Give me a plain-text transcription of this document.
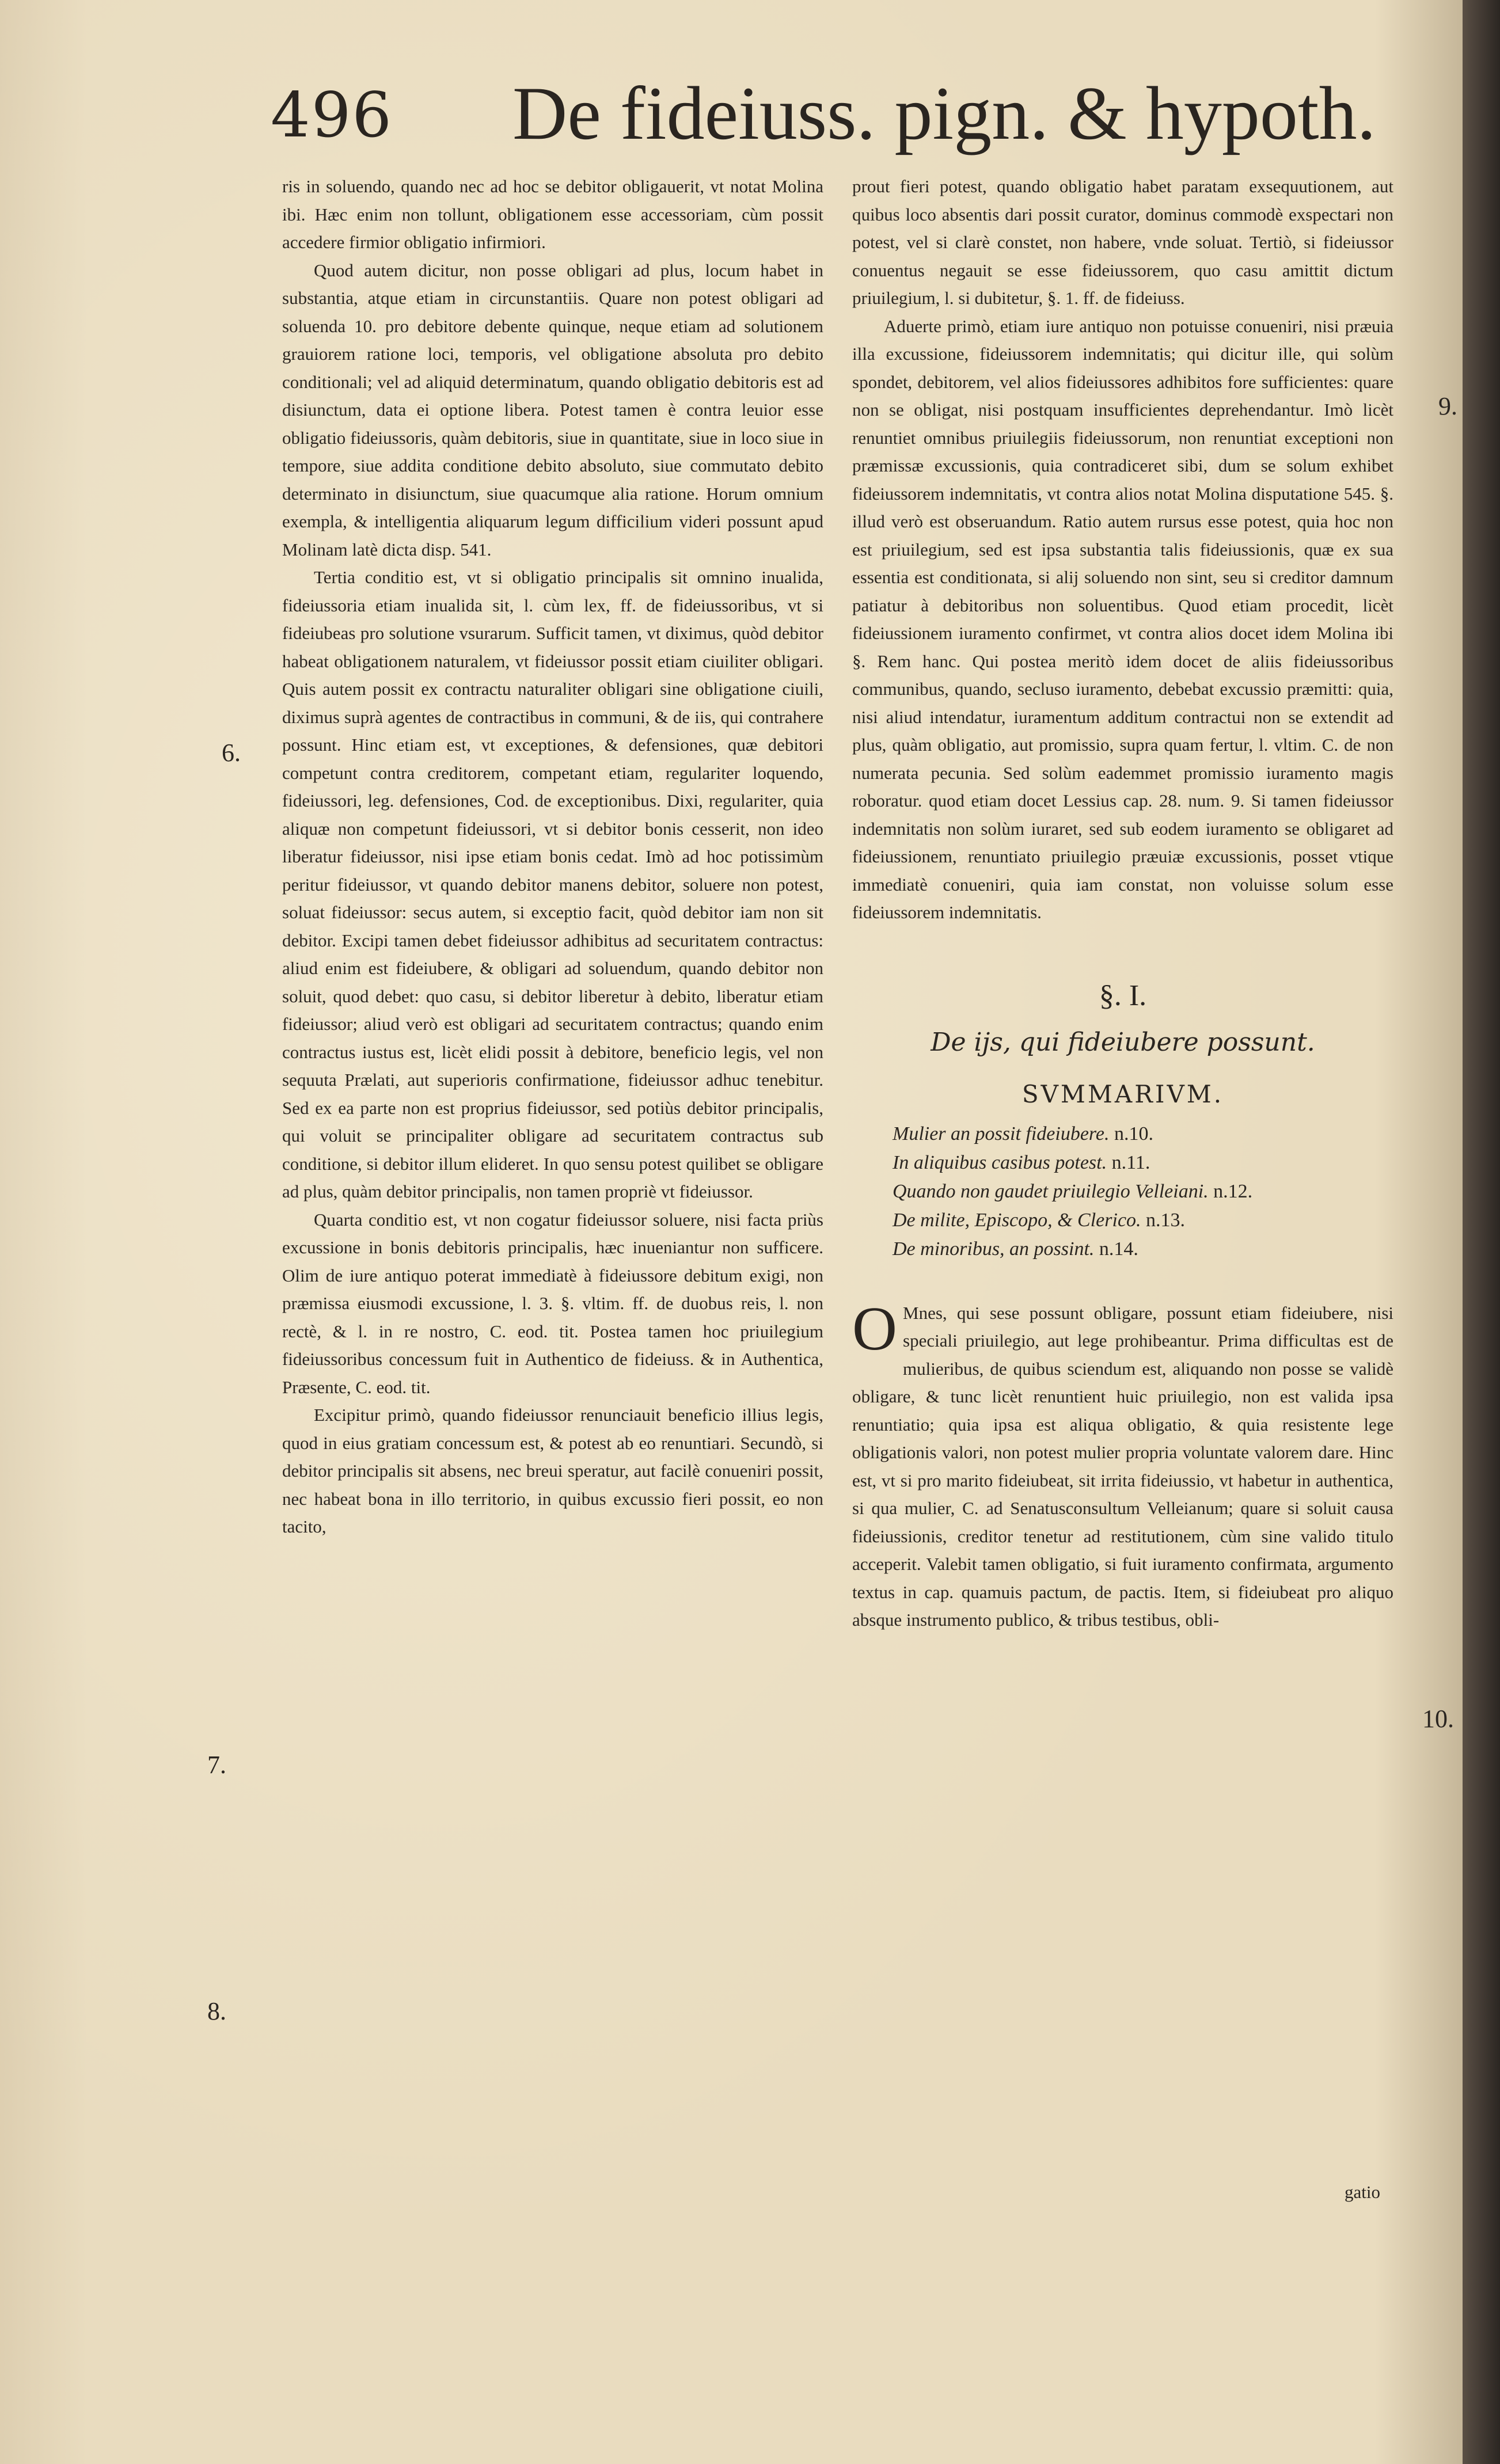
496 De fideiuss. pign. & hypoth.
6.
7.
8.
9.
10.

ris in soluendo, quando nec ad hoc se debitor obligauerit, vt notat Molina ibi. Hæc enim non tollunt, obligationem esse accessoriam, cùm possit accedere firmior obligatio infirmiori.

Quod autem dicitur, non posse obligari ad plus, locum habet in substantia, atque etiam in circunstantiis. Quare non potest obligari ad soluenda 10. pro debitore debente quinque, neque etiam ad solutionem grauiorem ratione loci, temporis, vel obligatione absoluta pro debito conditionali; vel ad aliquid determinatum, quando obligatio debitoris est ad disiunctum, data ei optione libera. Potest tamen è contra leuior esse obligatio fideiussoris, quàm debitoris, siue in quantitate, siue in loco siue in tempore, siue addita conditione debito absoluto, siue commutato debito determinato in disiunctum, siue quacumque alia ratione. Horum omnium exempla, & intelligentia aliquarum legum difficilium videri possunt apud Molinam latè dicta disp. 541.

Tertia conditio est, vt si obligatio principalis sit omnino inualida, fideiussoria etiam inualida sit, l. cùm lex, ff. de fideiussoribus, vt si fideiubeas pro solutione vsurarum. Sufficit tamen, vt diximus, quòd debitor habeat obligationem naturalem, vt fideiussor possit etiam ciuiliter obligari. Quis autem possit ex contractu naturaliter obligari sine obligatione ciuili, diximus suprà agentes de contractibus in communi, & de iis, qui contrahere possunt. Hinc etiam est, vt exceptiones, & defensiones, quæ debitori competunt contra creditorem, competant etiam, regulariter loquendo, fideiussori, leg. defensiones, Cod. de exceptionibus. Dixi, regulariter, quia aliquæ non competunt fideiussori, vt si debitor bonis cesserit, non ideo liberatur fideiussor, nisi ipse etiam bonis cedat. Imò ad hoc potissimùm peritur fideiussor, vt quando debitor manens debitor, soluere non potest, soluat fideiussor: secus autem, si exceptio facit, quòd debitor iam non sit debitor. Excipi tamen debet fideiussor adhibitus ad securitatem contractus: aliud enim est fideiubere, & obligari ad soluendum, quando debitor non soluit, quod debet: quo casu, si debitor liberetur à debito, liberatur etiam fideiussor; aliud verò est obligari ad securitatem contractus; quando enim contractus iustus est, licèt elidi possit à debitore, beneficio legis, vel non sequuta Prælati, aut superioris confirmatione, fideiussor adhuc tenebitur. Sed ex ea parte non est proprius fideiussor, sed potiùs debitor principalis, qui voluit se principaliter obligare ad securitatem contractus sub conditione, si debitor illum elideret. In quo sensu potest quilibet se obligare ad plus, quàm debitor principalis, non tamen propriè vt fideiussor.

Quarta conditio est, vt non cogatur fideiussor soluere, nisi facta priùs excussione in bonis debitoris principalis, hæc inueniantur non sufficere. Olim de iure antiquo poterat immediatè à fideiussore debitum exigi, non præmissa eiusmodi excussione, l. 3. §. vltim. ff. de duobus reis, l. non rectè, & l. in re nostro, C. eod. tit. Postea tamen hoc priuilegium fideiussoribus concessum fuit in Authentico de fideiuss. & in Authentica, Præsente, C. eod. tit.

Excipitur primò, quando fideiussor renunciauit beneficio illius legis, quod in eius gratiam concessum est, & potest ab eo renuntiari. Secundò, si debitor principalis sit absens, nec breui speratur, aut facilè conueniri possit, nec habeat bona in illo territorio, in quibus excussio fieri possit, eo non tacito,

prout fieri potest, quando obligatio habet paratam exsequutionem, aut quibus loco absentis dari possit curator, dominus commodè exspectari non potest, vel si clarè constet, non habere, vnde soluat. Tertiò, si fideiussor conuentus negauit se esse fideiussorem, quo casu amittit dictum priuilegium, l. si dubitetur, §. 1. ff. de fideiuss.

Aduerte primò, etiam iure antiquo non potuisse conueniri, nisi præuia illa excussione, fideiussorem indemnitatis; qui dicitur ille, qui solùm spondet, debitorem, vel alios fideiussores adhibitos fore sufficientes: quare non se obligat, nisi postquam insufficientes deprehendantur. Imò licèt renuntiet omnibus priuilegiis fideiussorum, non renuntiat exceptioni non præmissæ excussionis, quia contradiceret sibi, dum se solum exhibet fideiussorem indemnitatis, vt contra alios notat Molina disputatione 545. §. illud verò est obseruandum. Ratio autem rursus esse potest, quia hoc non est priuilegium, sed est ipsa substantia talis fideiussionis, quæ ex sua essentia est conditionata, si alij soluendo non sint, seu si creditor damnum patiatur à debitoribus non soluentibus. Quod etiam procedit, licèt fideiussionem iuramento confirmet, vt contra alios docet idem Molina ibi §. Rem hanc. Qui postea meritò idem docet de aliis fideiussoribus communibus, quando, secluso iuramento, debebat excussio præmitti: quia, nisi aliud intendatur, iuramentum additum contractui non se extendit ad plus, quàm obligatio, aut promissio, supra quam fertur, l. vltim. C. de non numerata pecunia. Sed solùm eademmet promissio iuramento magis roboratur. quod etiam docet Lessius cap. 28. num. 9. Si tamen fideiussor indemnitatis non solùm iuraret, sed sub eodem iuramento se obligaret ad fideiussionem, renuntiato priuilegio præuiæ excussionis, posset vtique immediatè conueniri, quia iam constat, non voluisse solum esse fideiussorem indemnitatis.

§. I.
De ijs, qui fideiubere possunt.
SVMMARIVM.
Mulier an possit fideiubere. n.10.
In aliquibus casibus potest. n.11.
Quando non gaudet priuilegio Velleiani. n.12.
De milite, Episcopo, & Clerico. n.13.
De minoribus, an possint. n.14.

O Mnes, qui sese possunt obligare, possunt etiam fideiubere, nisi speciali priuilegio, aut lege prohibeantur. Prima difficultas est de mulieribus, de quibus sciendum est, aliquando non posse se validè obligare, & tunc licèt renuntient huic priuilegio, non est valida ipsa renuntiatio; quia ipsa est aliqua obligatio, & quia resistente lege obligationis valori, non potest mulier propria voluntate valorem dare. Hinc est, vt si pro marito fideiubeat, sit irrita fideiussio, vt habetur in authentica, si qua mulier, C. ad Senatusconsultum Velleianum; quare si soluit causa fideiussionis, creditor tenetur ad restitutionem, cùm sine valido titulo acceperit. Valebit tamen obligatio, si fuit iuramento confirmata, argumento textus in cap. quamuis pactum, de pactis. Item, si fideiubeat pro aliquo absque instrumento publico, & tribus testibus, obli-

gatio
